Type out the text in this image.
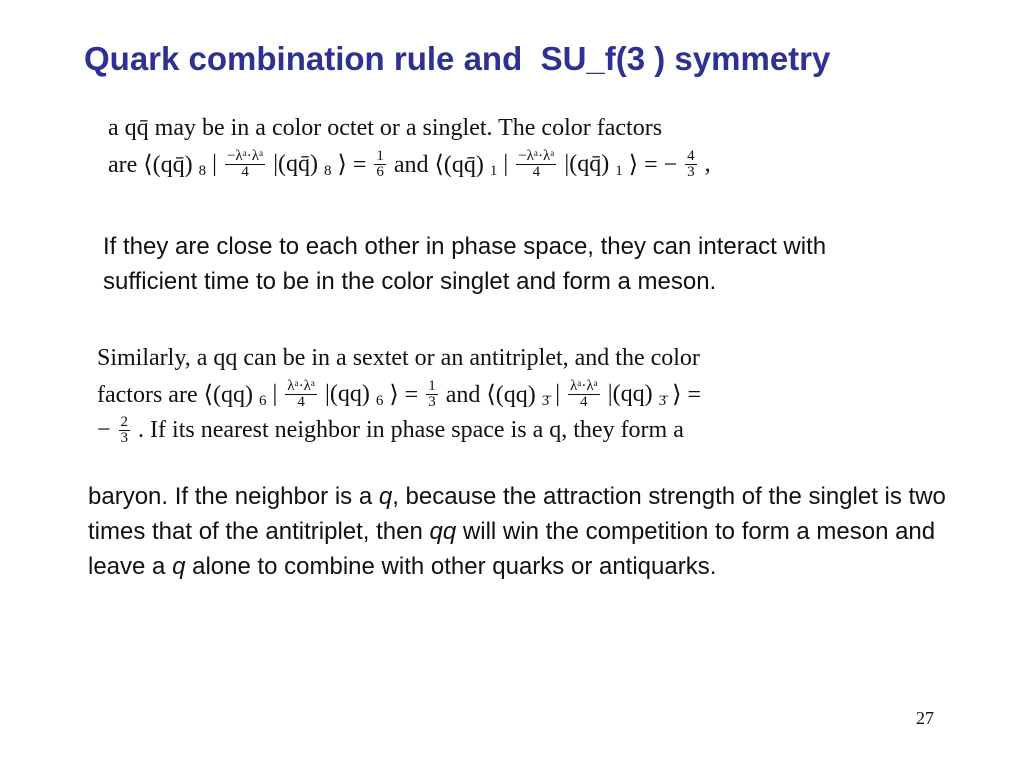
Quark combination rule and  SU_f(3 ) symmetry
a qq̄ may be in a color octet or a singlet. The color factors
are ⟨(qq̄) 8 | $\frac{\text{−λᵃ·λᵃ}}{4}$ |(qq̄) 8 ⟩ = $\frac{1}{6}$ and ⟨(qq̄) 1 | $\frac{\text{−λᵃ·λᵃ}}{4}$ |(qq̄) 1 ⟩ = − $\frac{4}{3}$ ,
If they are close to each other in phase space, they can interact with sufficient time to be in the color singlet and form a meson.
Similarly, a qq can be in a sextet or an antitriplet, and the color
factors are ⟨(qq) 6 | $\frac{\text{λᵃ·λᵃ}}{4} |(qq)$ 6 ⟩ = $\frac{1}{3}$ and ⟨(qq) 3̄ | $\frac{\text{λᵃ·λᵃ}}{4} |(qq)$ 3̄ ⟩ =
− $\frac{2}{3}$ . If its nearest neighbor in phase space is a q, they form a
baryon. If the neighbor is a q, because the attraction strength of the singlet is two times that of the antitriplet, then qq will win the competition to form a meson and leave a q alone to combine with other quarks or antiquarks.
27
